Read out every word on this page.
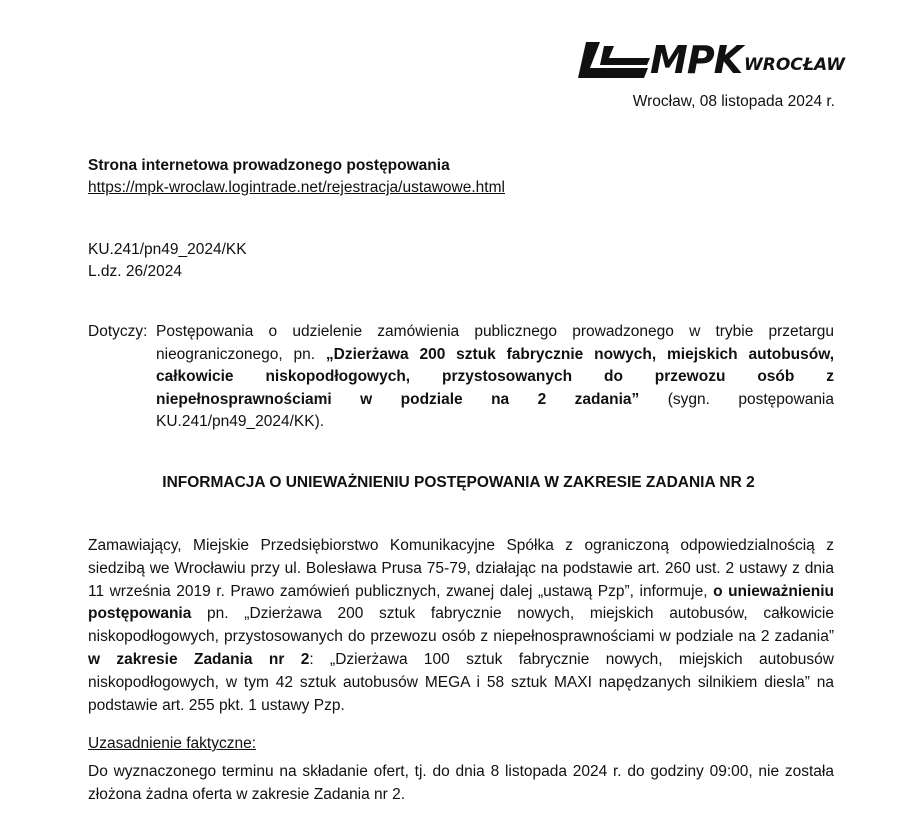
MPK WROCŁAW
Wrocław, 08 listopada 2024 r.
Strona internetowa prowadzonego postępowania
https://mpk-wroclaw.logintrade.net/rejestracja/ustawowe.html
KU.241/pn49_2024/KK
L.dz. 26/2024
Dotyczy: Postępowania o udzielenie zamówienia publicznego prowadzonego w trybie przetargu nieograniczonego, pn. „Dzierżawa 200 sztuk fabrycznie nowych, miejskich autobusów, całkowicie niskopodłogowych, przystosowanych do przewozu osób z niepełnosprawnościami w podziale na 2 zadania” (sygn. postępowania KU.241/pn49_2024/KK).
INFORMACJA O UNIEWAŻNIENIU POSTĘPOWANIA W ZAKRESIE ZADANIA NR 2
Zamawiający, Miejskie Przedsiębiorstwo Komunikacyjne Spółka z ograniczoną odpowiedzialnością z siedzibą we Wrocławiu przy ul. Bolesława Prusa 75-79, działając na podstawie art. 260 ust. 2 ustawy z dnia 11 września 2019 r. Prawo zamówień publicznych, zwanej dalej „ustawą Pzp”, informuje, o unieważnieniu postępowania pn. „Dzierżawa 200 sztuk fabrycznie nowych, miejskich autobusów, całkowicie niskopodłogowych, przystosowanych do przewozu osób z niepełnosprawnościami w podziale na 2 zadania” w zakresie Zadania nr 2: „Dzierżawa 100 sztuk fabrycznie nowych, miejskich autobusów niskopodłogowych, w tym 42 sztuk autobusów MEGA i 58 sztuk MAXI napędzanych silnikiem diesla” na podstawie art. 255 pkt. 1 ustawy Pzp.
Uzasadnienie faktyczne:
Do wyznaczonego terminu na składanie ofert, tj. do dnia 8 listopada 2024 r. do godziny 09:00, nie została złożona żadna oferta w zakresie Zadania nr 2.
